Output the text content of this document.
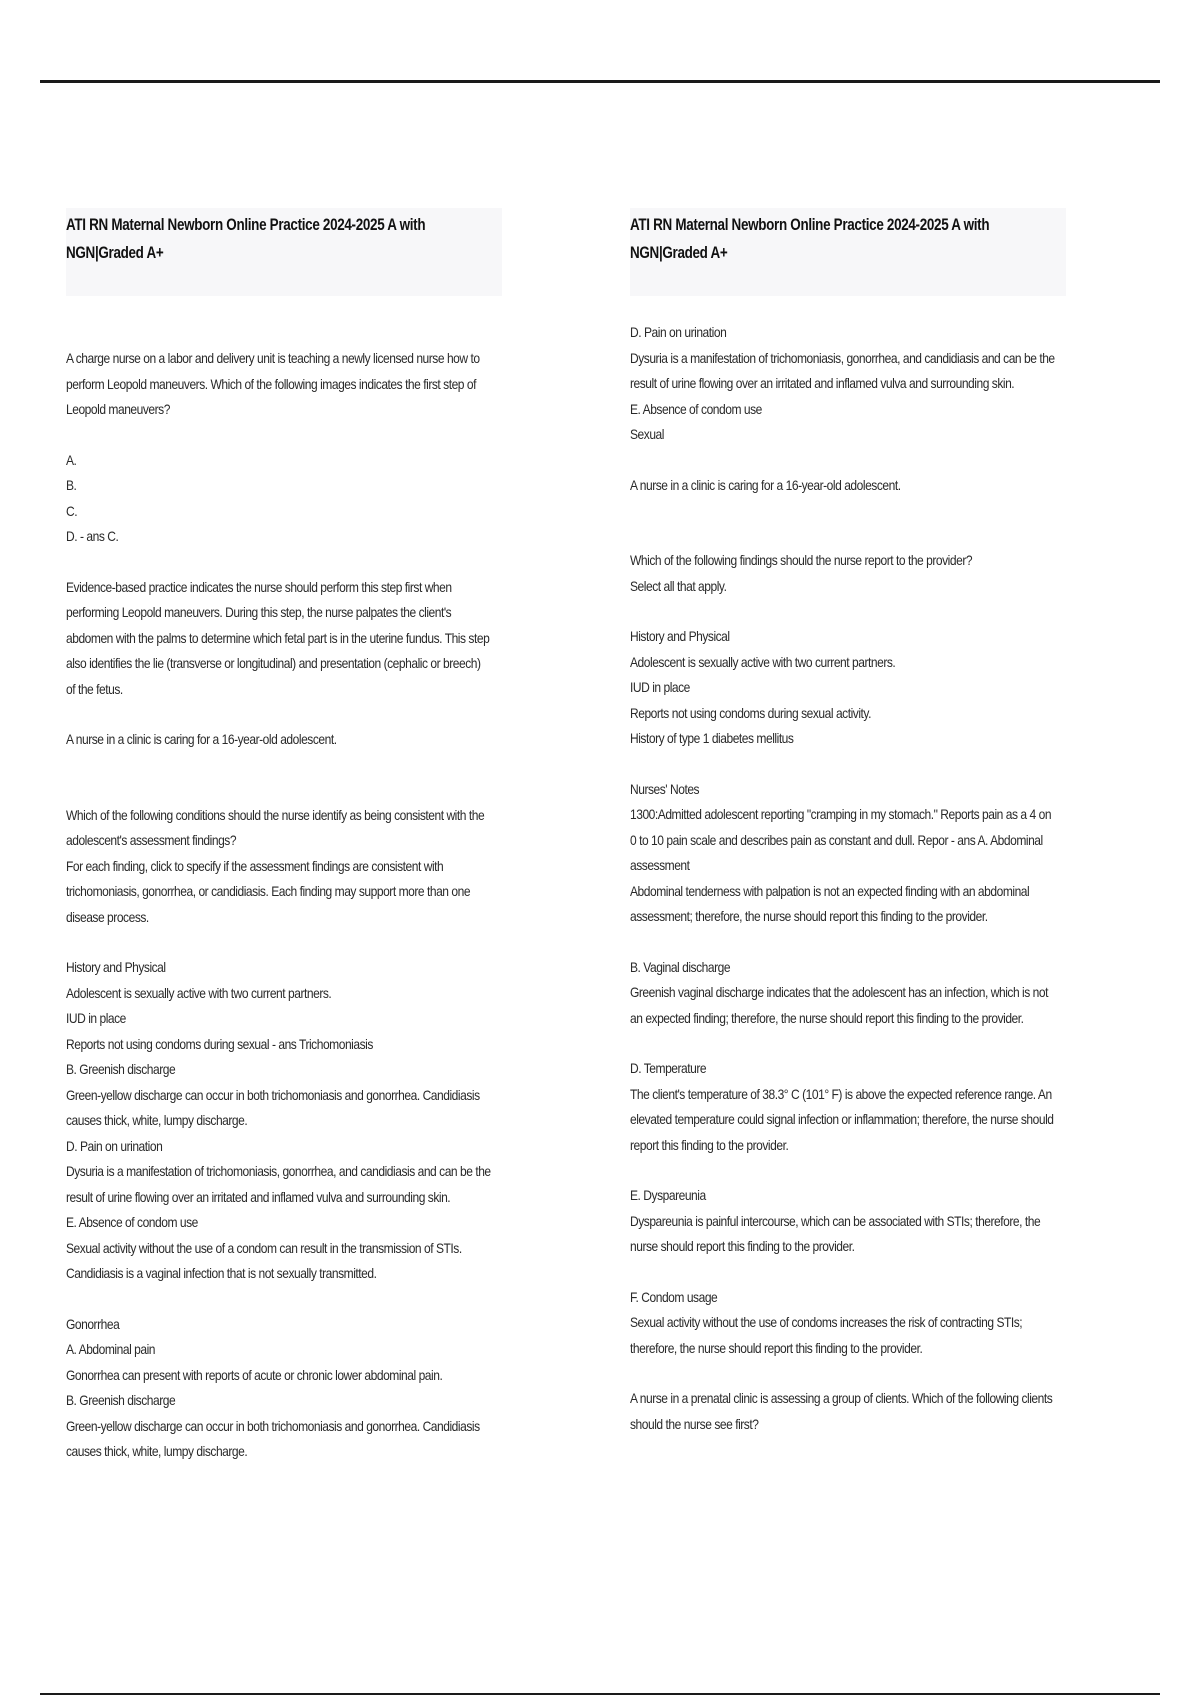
ATI RN Maternal Newborn Online Practice 2024-2025 A with
NGN|Graded A+
A charge nurse on a labor and delivery unit is teaching a newly licensed nurse how to
perform Leopold maneuvers. Which of the following images indicates the first step of
Leopold maneuvers?
A.
B.
C.
D. - ans C.
Evidence-based practice indicates the nurse should perform this step first when
performing Leopold maneuvers. During this step, the nurse palpates the client's
abdomen with the palms to determine which fetal part is in the uterine fundus. This step
also identifies the lie (transverse or longitudinal) and presentation (cephalic or breech)
of the fetus.
A nurse in a clinic is caring for a 16-year-old adolescent.
Which of the following conditions should the nurse identify as being consistent with the
adolescent's assessment findings?
For each finding, click to specify if the assessment findings are consistent with
trichomoniasis, gonorrhea, or candidiasis. Each finding may support more than one
disease process.
History and Physical
Adolescent is sexually active with two current partners.
IUD in place
Reports not using condoms during sexual - ans Trichomoniasis
B. Greenish discharge
Green-yellow discharge can occur in both trichomoniasis and gonorrhea. Candidiasis
causes thick, white, lumpy discharge.
D. Pain on urination
Dysuria is a manifestation of trichomoniasis, gonorrhea, and candidiasis and can be the
result of urine flowing over an irritated and inflamed vulva and surrounding skin.
E. Absence of condom use
Sexual activity without the use of a condom can result in the transmission of STIs.
Candidiasis is a vaginal infection that is not sexually transmitted.
Gonorrhea
A. Abdominal pain
Gonorrhea can present with reports of acute or chronic lower abdominal pain.
B. Greenish discharge
Green-yellow discharge can occur in both trichomoniasis and gonorrhea. Candidiasis
causes thick, white, lumpy discharge.
ATI RN Maternal Newborn Online Practice 2024-2025 A with
NGN|Graded A+
D. Pain on urination
Dysuria is a manifestation of trichomoniasis, gonorrhea, and candidiasis and can be the
result of urine flowing over an irritated and inflamed vulva and surrounding skin.
E. Absence of condom use
Sexual
A nurse in a clinic is caring for a 16-year-old adolescent.
Which of the following findings should the nurse report to the provider?
Select all that apply.
History and Physical
Adolescent is sexually active with two current partners.
IUD in place
Reports not using condoms during sexual activity.
History of type 1 diabetes mellitus
Nurses' Notes
1300:Admitted adolescent reporting "cramping in my stomach." Reports pain as a 4 on
0 to 10 pain scale and describes pain as constant and dull. Repor - ans A. Abdominal
assessment
Abdominal tenderness with palpation is not an expected finding with an abdominal
assessment; therefore, the nurse should report this finding to the provider.
B. Vaginal discharge
Greenish vaginal discharge indicates that the adolescent has an infection, which is not
an expected finding; therefore, the nurse should report this finding to the provider.
D. Temperature
The client's temperature of 38.3° C (101° F) is above the expected reference range. An
elevated temperature could signal infection or inflammation; therefore, the nurse should
report this finding to the provider.
E. Dyspareunia
Dyspareunia is painful intercourse, which can be associated with STIs; therefore, the
nurse should report this finding to the provider.
F. Condom usage
Sexual activity without the use of condoms increases the risk of contracting STIs;
therefore, the nurse should report this finding to the provider.
A nurse in a prenatal clinic is assessing a group of clients. Which of the following clients
should the nurse see first?
